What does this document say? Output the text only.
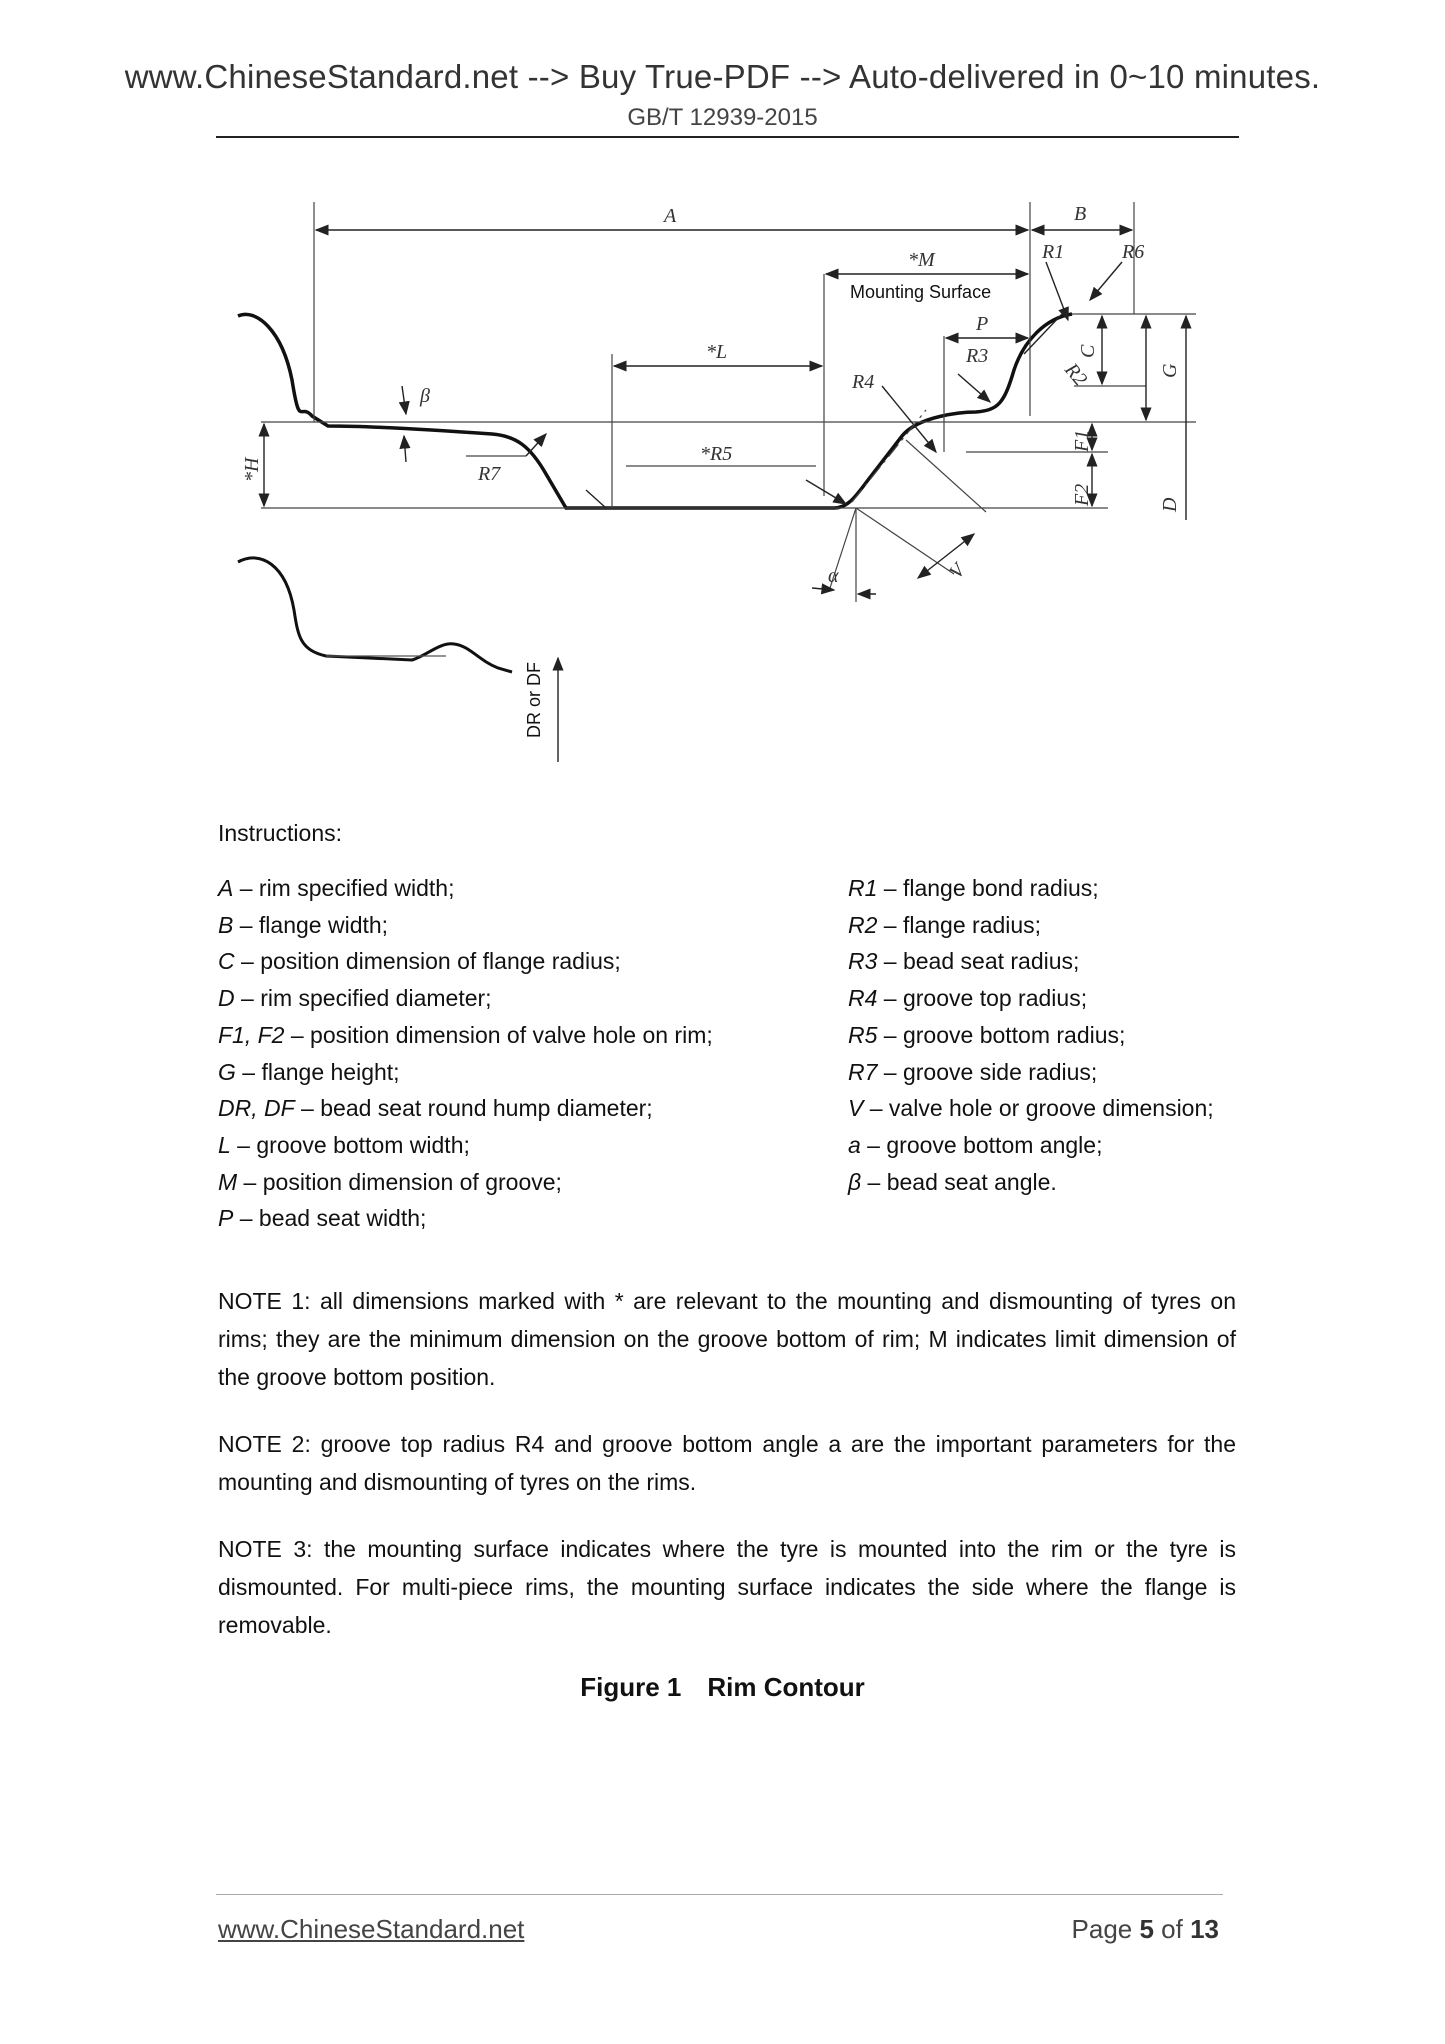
www.ChineseStandard.net --> Buy True-PDF --> Auto-delivered in 0~10 minutes.
GB/T 12939-2015
A	B
*M
Mounting Surface
*L
P
C
G
D
F1
F2
*H
β
R7
*R5
R4
R3
R1
R2
R6
V
α
DR or DF
Instructions:
A – rim specified width;
B – flange width;
C – position dimension of flange radius;
D – rim specified diameter;
F1, F2 – position dimension of valve hole on rim;
G – flange height;
DR, DF – bead seat round hump diameter;
L – groove bottom width;
M – position dimension of groove;
P – bead seat width;
R1 – flange bond radius;
R2 – flange radius;
R3 – bead seat radius;
R4 – groove top radius;
R5 – groove bottom radius;
R7 – groove side radius;
V – valve hole or groove dimension;
a – groove bottom angle;
β – bead seat angle.
NOTE 1: all dimensions marked with * are relevant to the mounting and dismounting of tyres on rims; they are the minimum dimension on the groove bottom of rim; M indicates limit dimension of the groove bottom position.
NOTE 2: groove top radius R4 and groove bottom angle a are the important parameters for the mounting and dismounting of tyres on the rims.
NOTE 3: the mounting surface indicates where the tyre is mounted into the rim or the tyre is dismounted. For multi-piece rims, the mounting surface indicates the side where the flange is removable.
Figure 1 Rim Contour
www.ChineseStandard.net	Page 5 of 13
